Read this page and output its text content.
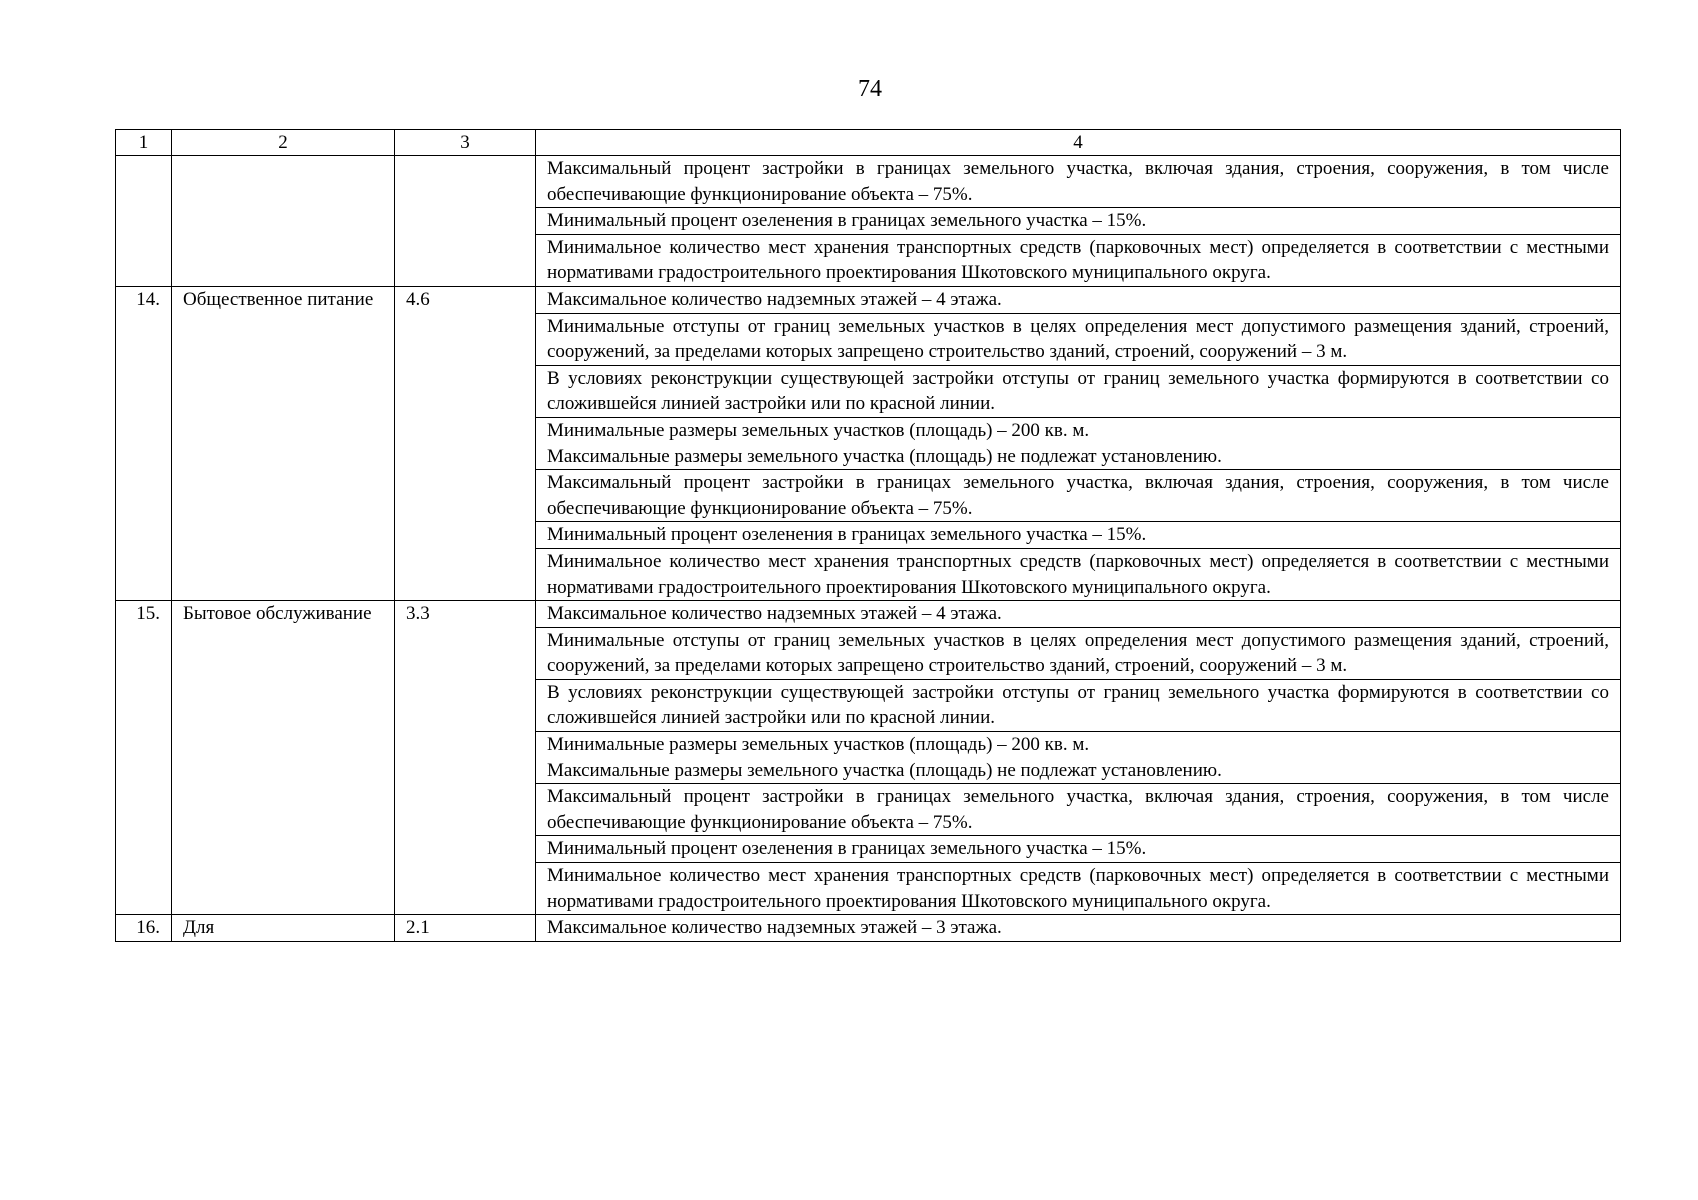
74
1	2	3	4
			Максимальный процент застройки в границах земельного участка, включая здания, строения, сооружения, в том числе обеспечивающие функционирование объекта – 75%.
			Минимальный процент озеленения в границах земельного участка – 15%.
			Минимальное количество мест хранения транспортных средств (парковочных мест) определяется в соответствии с местными нормативами градостроительного проектирования Шкотовского муниципального округа.
14.	Общественное питание	4.6	Максимальное количество надземных этажей – 4 этажа.
			Минимальные отступы от границ земельных участков в целях определения мест допустимого размещения зданий, строений, сооружений, за пределами которых запрещено строительство зданий, строений, сооружений – 3 м.
			В условиях реконструкции существующей застройки отступы от границ земельного участка формируются в соответствии со сложившейся линией застройки или по красной линии.

			Минимальные размеры земельных участков (площадь) – 200 кв. м.
Максимальные размеры земельного участка (площадь) не подлежат установлению.

			Максимальный процент застройки в границах земельного участка, включая здания, строения, сооружения, в том числе обеспечивающие функционирование объекта – 75%.
			Минимальный процент озеленения в границах земельного участка – 15%.
			Минимальное количество мест хранения транспортных средств (парковочных мест) определяется в соответствии с местными нормативами градостроительного проектирования Шкотовского муниципального округа.
15.	Бытовое обслуживание	3.3	Максимальное количество надземных этажей – 4 этажа.
			Минимальные отступы от границ земельных участков в целях определения мест допустимого размещения зданий, строений, сооружений, за пределами которых запрещено строительство зданий, строений, сооружений – 3 м.
			В условиях реконструкции существующей застройки отступы от границ земельного участка формируются в соответствии со сложившейся линией застройки или по красной линии.

			Минимальные размеры земельных участков (площадь) – 200 кв. м.
Максимальные размеры земельного участка (площадь) не подлежат установлению.

			Максимальный процент застройки в границах земельного участка, включая здания, строения, сооружения, в том числе обеспечивающие функционирование объекта – 75%.
			Минимальный процент озеленения в границах земельного участка – 15%.
			Минимальное количество мест хранения транспортных средств (парковочных мест) определяется в соответствии с местными нормативами градостроительного проектирования Шкотовского муниципального округа.
16.	Для	2.1	Максимальное количество надземных этажей – 3 этажа.
